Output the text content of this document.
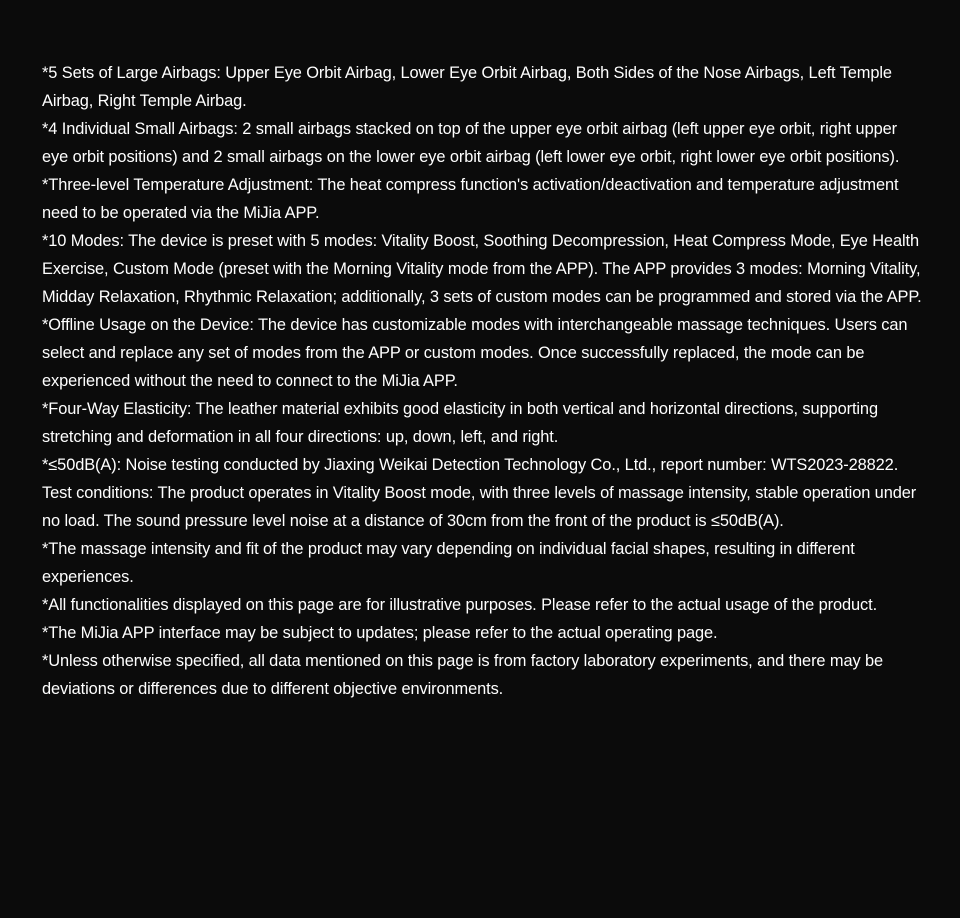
*5 Sets of Large Airbags: Upper Eye Orbit Airbag, Lower Eye Orbit Airbag, Both Sides of the Nose Airbags, Left Temple Airbag, Right Temple Airbag.
*4 Individual Small Airbags: 2 small airbags stacked on top of the upper eye orbit airbag (left upper eye orbit, right upper eye orbit positions) and 2 small airbags on the lower eye orbit airbag (left lower eye orbit, right lower eye orbit positions).
*Three-level Temperature Adjustment: The heat compress function's activation/deactivation and temperature adjustment need to be operated via the MiJia APP.
*10 Modes: The device is preset with 5 modes: Vitality Boost, Soothing Decompression, Heat Compress Mode, Eye Health Exercise, Custom Mode (preset with the Morning Vitality mode from the APP). The APP provides 3 modes: Morning Vitality, Midday Relaxation, Rhythmic Relaxation; additionally, 3 sets of custom modes can be programmed and stored via the APP.
*Offline Usage on the Device: The device has customizable modes with interchangeable massage techniques. Users can select and replace any set of modes from the APP or custom modes. Once successfully replaced, the mode can be experienced without the need to connect to the MiJia APP.
*Four-Way Elasticity: The leather material exhibits good elasticity in both vertical and horizontal directions, supporting stretching and deformation in all four directions: up, down, left, and right.
*≤50dB(A): Noise testing conducted by Jiaxing Weikai Detection Technology Co., Ltd., report number: WTS2023-28822. Test conditions: The product operates in Vitality Boost mode, with three levels of massage intensity, stable operation under no load. The sound pressure level noise at a distance of 30cm from the front of the product is ≤50dB(A).
*The massage intensity and fit of the product may vary depending on individual facial shapes, resulting in different experiences.
*All functionalities displayed on this page are for illustrative purposes. Please refer to the actual usage of the product.
*The MiJia APP interface may be subject to updates; please refer to the actual operating page.
*Unless otherwise specified, all data mentioned on this page is from factory laboratory experiments, and there may be deviations or differences due to different objective environments.
